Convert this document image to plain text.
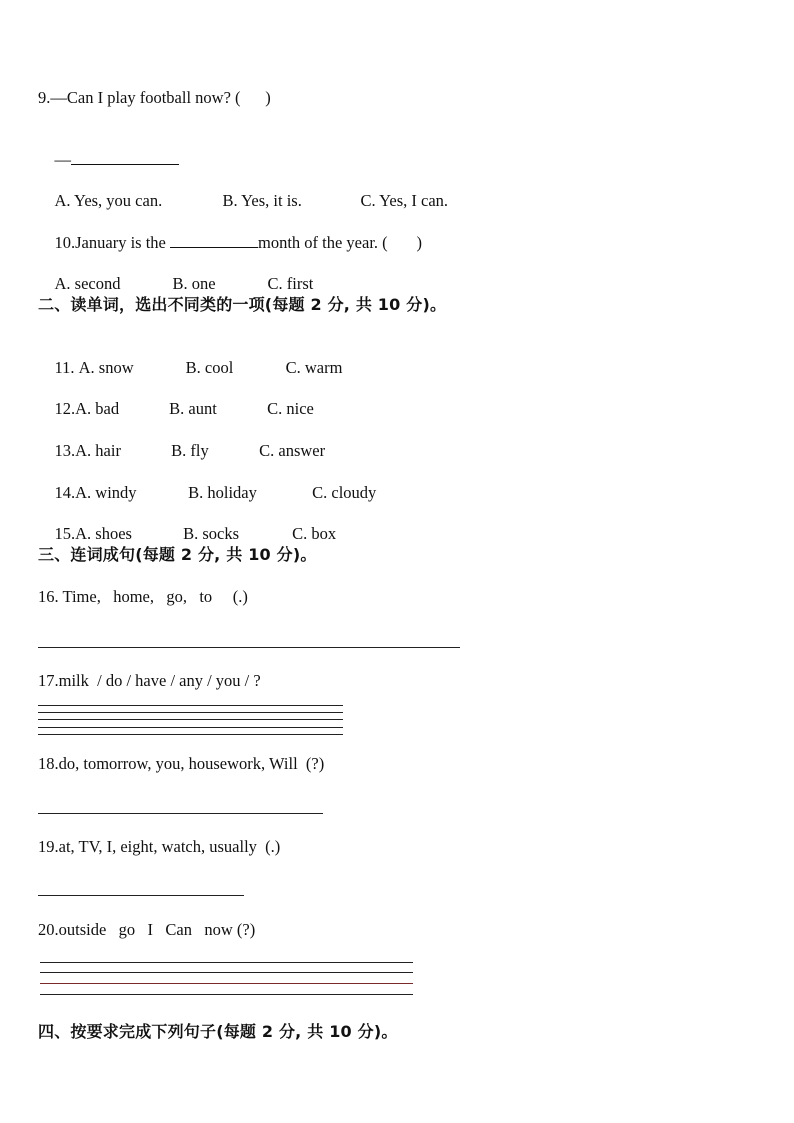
9.—Can I play football now? (      )

—

A. Yes, you can.	B. Yes, it is.	C. Yes, I can.

10.January is the	month of the year. (       )

A. second	B. one	C. first

二、读单词，选出不同类的一项(每题 2 分, 共 10 分)。

11. A. snow	B. cool	C. warm

12.A. bad	B. aunt	C. nice

13.A. hair	B. fly	C. answer

14.A. windy	B. holiday	C. cloudy

15.A. shoes	B. socks	C. box

三、连词成句(每题 2 分, 共 10 分)。
16. Time,   home,   go,   to     (.)
17.milk  / do / have / any / you / ?
18.do, tomorrow, you, housework, Will  (?)
19.at, TV, I, eight, watch, usually  (.)
20.outside   go   I   Can   now (?)
四、按要求完成下列句子(每题 2 分, 共 10 分)。
